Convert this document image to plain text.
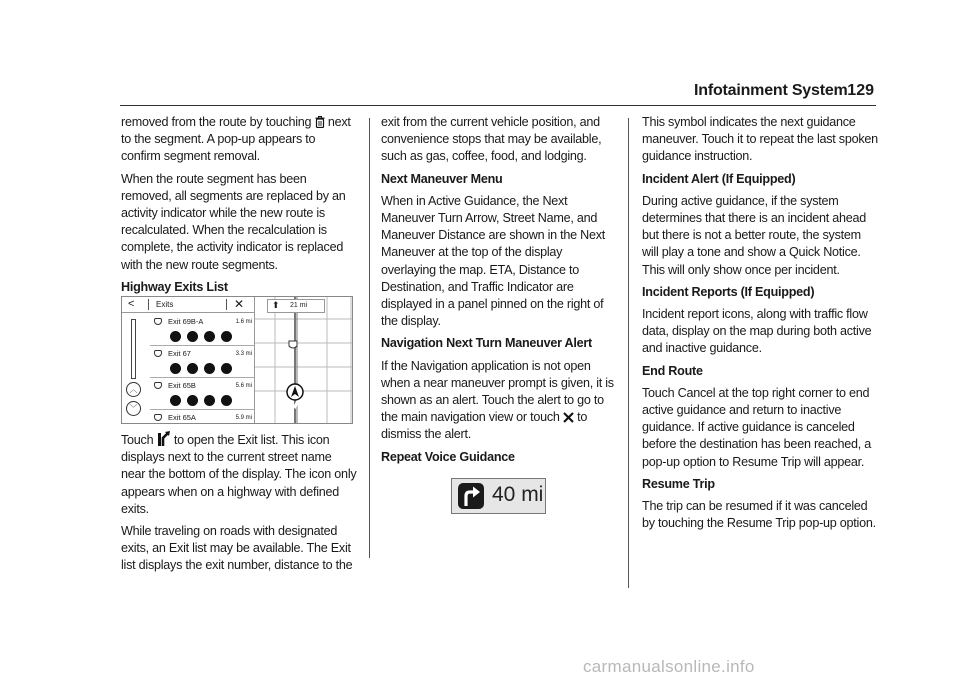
Infotainment System 129

removed from the route by touching next to the segment. A pop-up appears to confirm segment removal.

When the route segment has been removed, all segments are replaced by an activity indicator while the new route is recalculated. When the recalculation is complete, the activity indicator is replaced with the new route segments.

Highway Exits List

Touch to open the Exit list. This icon displays next to the current street name near the bottom of the display. The icon only appears when on a highway with defined exits.

While traveling on roads with designated exits, an Exit list may be available. The Exit list displays the exit number, distance to the

<	Exits	✕
︿
﹀
Exit 69B-A	1.6 mi
Exit 67	3.3 mi
Exit 65B	5.6 mi
Exit 65A	5.9 mi
⬆ 21 mi

exit from the current vehicle position, and convenience stops that may be available, such as gas, coffee, food, and lodging.

Next Maneuver Menu

When in Active Guidance, the Next Maneuver Turn Arrow, Street Name, and Maneuver Distance are shown in the Next Maneuver at the top of the display overlaying the map. ETA, Distance to Destination, and Traffic Indicator are displayed in a panel pinned on the right of the display.

Navigation Next Turn Maneuver Alert

If the Navigation application is not open when a near maneuver prompt is given, it is shown as an alert. Touch the alert to go to the main navigation view or touch to dismiss the alert.

Repeat Voice Guidance
40 mi

This symbol indicates the next guidance maneuver. Touch it to repeat the last spoken guidance instruction.

Incident Alert (If Equipped)

During active guidance, if the system determines that there is an incident ahead but there is not a better route, the system will play a tone and show a Quick Notice. This will only show once per incident.

Incident Reports (If Equipped)

Incident report icons, along with traffic flow data, display on the map during both active and inactive guidance.

End Route

Touch Cancel at the top right corner to end active guidance and return to inactive guidance. If active guidance is canceled before the destination has been reached, a pop-up option to Resume Trip will appear.

Resume Trip

The trip can be resumed if it was canceled by touching the Resume Trip pop-up option.

carmanualsonline.info
